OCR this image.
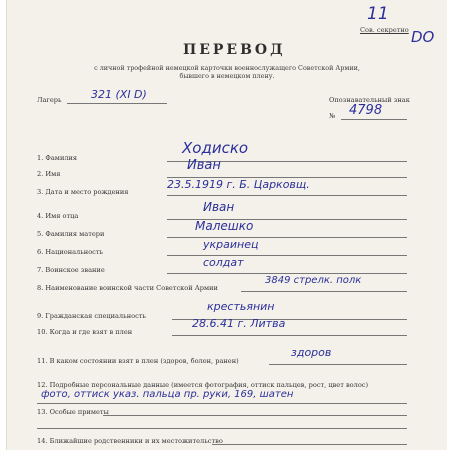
11
Сов. секретно DO
ПЕРЕВОД
с личной трофейной немецкой карточки военнослужащего Советской Армии,
бывшего в немецком плену.
Лагерь	321 (XI D)	Опознавательный знак
№ 4798
1. Фамилия
Ходиско
2. Имя
Иван
3. Дата и место рождения
23.5.1919 г. Б. Царковщ.
4. Имя отца
Иван
5. Фамилия матери
Малешко
6. Национальность
украинец
7. Воинское звание
солдат
8. Наименование воинской части Советской Армии
3849 стрелк. полк
9. Гражданская специальность
крестьянин
10. Когда и где взят в плен
28.6.41 г. Литва
11. В каком состоянии взят в плен (здоров, болен, ранен)
здоров
12. Подробные персональные данные (имеется фотография, оттиск пальцев, рост, цвет волос)
фото, оттиск указ. пальца пр. руки, 169, шатен
13. Особые приметы
14. Ближайшие родственники и их местожительство
